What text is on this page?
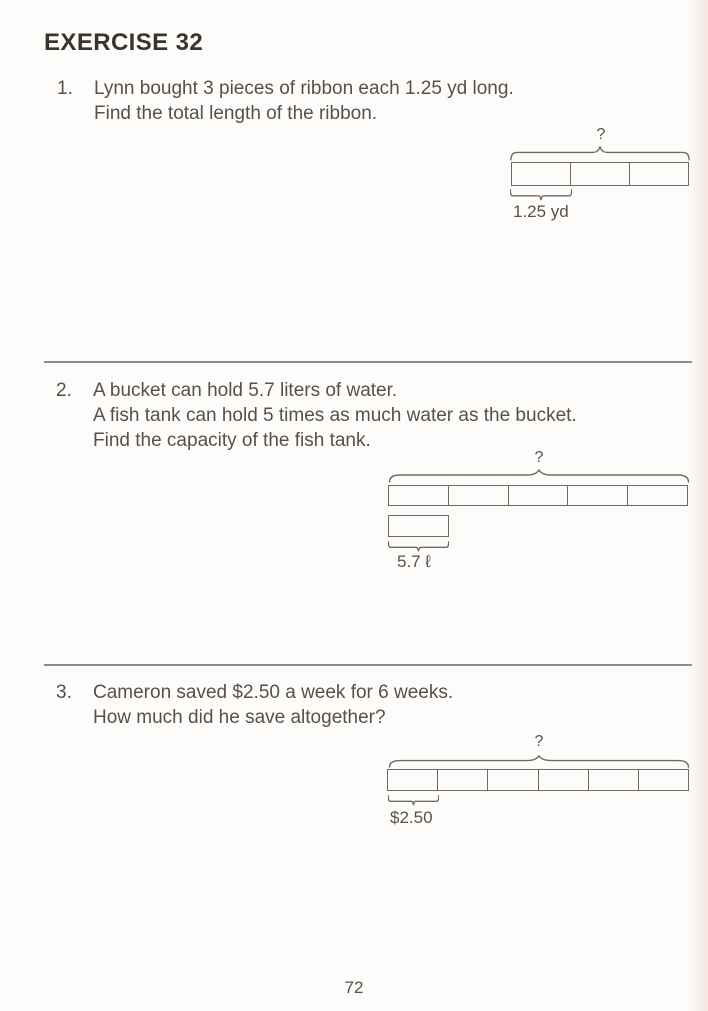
EXERCISE 32
1. Lynn bought 3 pieces of ribbon each 1.25 yd long.
Find the total length of the ribbon.
?
1.25 yd
2. A bucket can hold 5.7 liters of water.
A fish tank can hold 5 times as much water as the bucket.
Find the capacity of the fish tank.
?
5.7 ℓ
3. Cameron saved $2.50 a week for 6 weeks.
How much did he save altogether?
?
$2.50
72
